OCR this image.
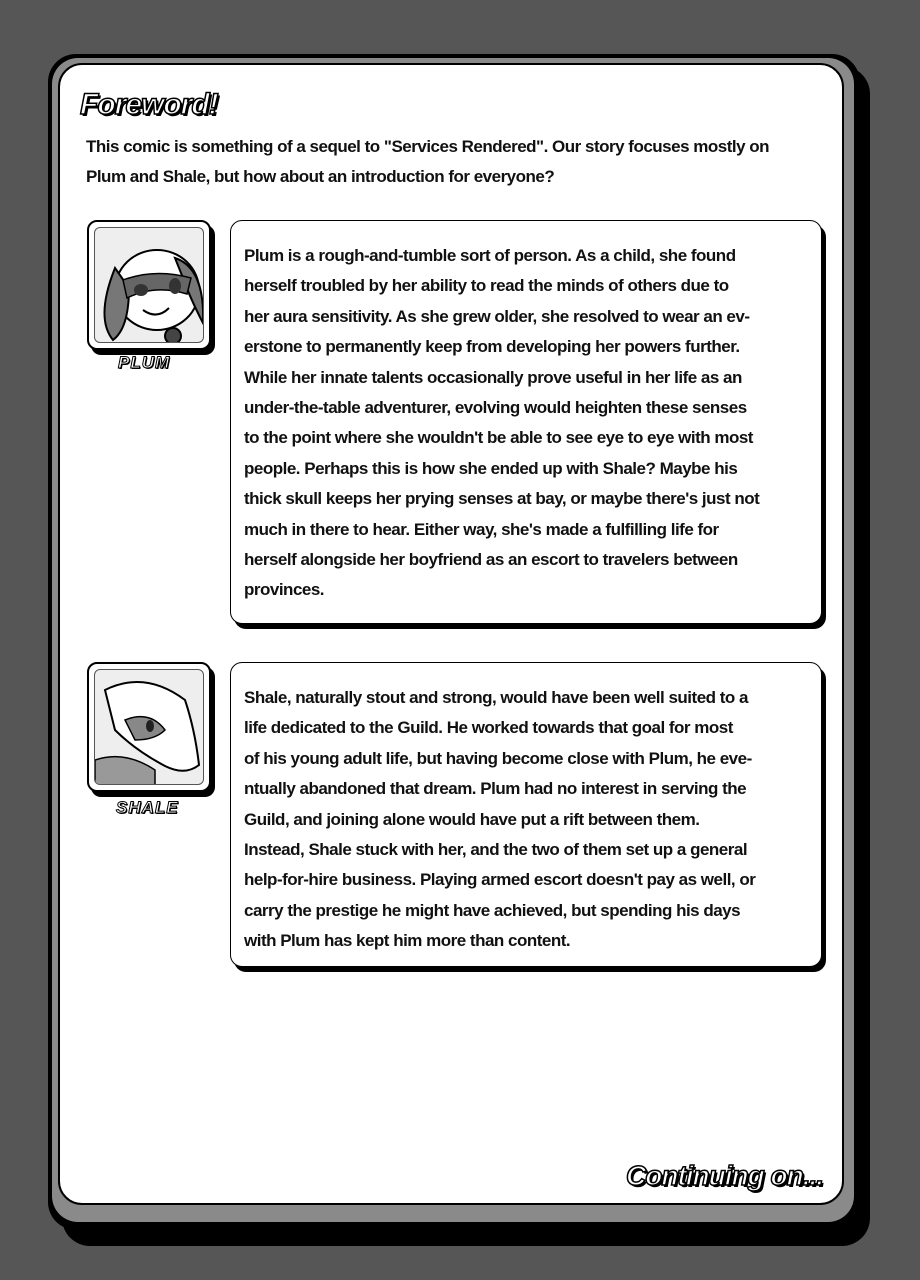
Foreword!
This comic is something of a sequel to "Services Rendered". Our story focuses mostly on
Plum and Shale, but how about an introduction for everyone?
PLUM
Plum is a rough-and-tumble sort of person. As a child, she found
herself troubled by her ability to read the minds of others due to
her aura sensitivity. As she grew older, she resolved to wear an ev-
erstone to permanently keep from developing her powers further.
While her innate talents occasionally prove useful in her life as an
under-the-table adventurer, evolving would heighten these senses
to the point where she wouldn't be able to see eye to eye with most
people. Perhaps this is how she ended up with Shale? Maybe his
thick skull keeps her prying senses at bay, or maybe there's just not
much in there to hear. Either way, she's made a fulfilling life for
herself alongside her boyfriend as an escort to travelers between
provinces.
SHALE
Shale, naturally stout and strong, would have been well suited to a
life dedicated to the Guild. He worked towards that goal for most
of his young adult life, but having become close with Plum, he eve-
ntually abandoned that dream. Plum had no interest in serving the
Guild, and joining alone would have put a rift between them.
Instead, Shale stuck with her, and the two of them set up a general
help-for-hire business. Playing armed escort doesn't pay as well, or
carry the prestige he might have achieved, but spending his days
with Plum has kept him more than content.
Continuing on...
